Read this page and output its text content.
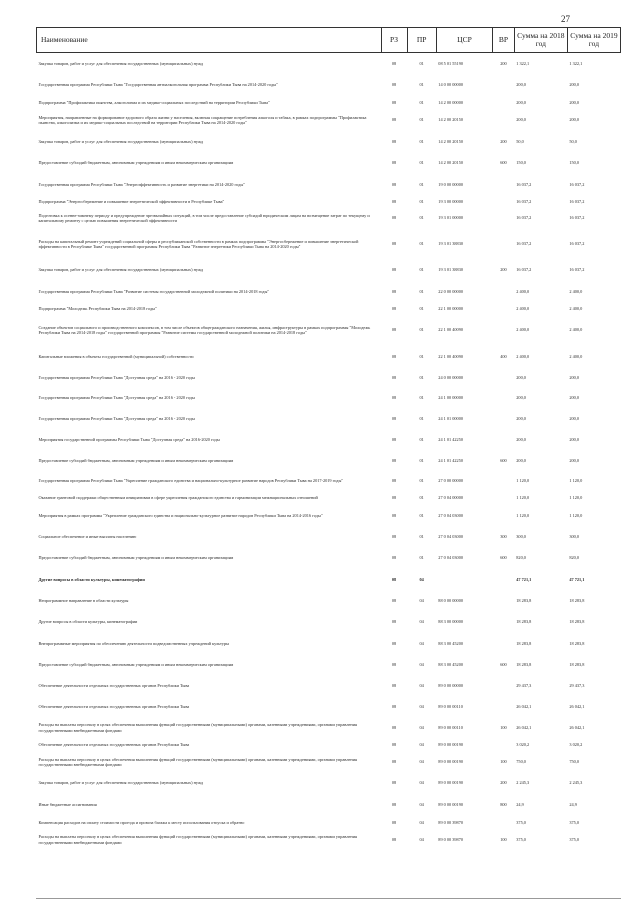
27
Наименование	РЗ	ПР	ЦСР	ВР	Сумма на 2018 год	Сумма на 2019 год
Закупка товаров, работ и услуг для обеспечения государственных (муниципальных) нужд	08	01	08 5 01 55190	200	1 322,1	1 322,1
Государственная программа Республики Тыва "Государственная антиалкогольная программа Республики Тыва на 2014-2020 годы"	08	01	14 0 00 00000		200,0	200,0
Подпрограмма "Профилактика пьянства, алкоголизма и их медико-социальных последствий на территории Республики Тыва"	08	01	14 2 00 00000		200,0	200,0
Мероприятия, направленные на формирование здорового образа жизни у населения, включая сокращение потребления алкоголя и табака, в рамках подпрограммы "Профилактика пьянства, алкоголизма и их медико-социальных последствий на территории Республики Тыва на 2014-2020 годы"	08	01	14 2 00 20150		200,0	200,0
Закупка товаров, работ и услуг для обеспечения государственных (муниципальных) нужд	08	01	14 2 00 20150	200	50,0	50,0
Предоставление субсидий бюджетным, автономным учреждениям и иным некоммерческим организациям	08	01	14 2 00 20150	600	150,0	150,0
Государственная программа Республики Тыва "Энергоэффективность и развитие энергетики на 2014-2020 годы"	08	01	19 0 00 00000		16 037,2	16 037,2
Подпрограмма "Энергосбережение и повышение энергетической эффективности в Республике Тыва"	08	01	19 3 00 00000		16 037,2	16 037,2
Подготовка к осенне-зимнему периоду и предупреждение чрезвычайных ситуаций, в том числе предоставление субсидий юридическим лицам на возмещение затрат по текущему и капитальному ремонту с целью повышения энергетической эффективности	08	01	19 3 01 00000		16 037,2	16 037,2
Расходы на капитальный ремонт учреждений социальной сферы и республиканской собственности в рамках подпрограммы "Энергосбережение и повышение энергетической эффективности в Республике Тыва" государственной программы Республики Тыва "Развитие энергетики Республики Тыва на 2014-2020 годы"	08	01	19 3 01 38830		16 037,2	16 037,2
Закупка товаров, работ и услуг для обеспечения государственных (муниципальных) нужд	08	01	19 3 01 38830	200	16 037,2	16 037,2
Государственная программа Республики Тыва "Развитие системы государственной молодежной политики на 2014-2018 годы"	08	01	22 0 00 00000		2 400,0	2 400,0
Подпрограмма "Молодежь Республики Тыва на 2014-2018 годы"	08	01	22 1 00 00000		2 400,0	2 400,0
Создание объектов социального и производственного комплексов, в том числе объектов общегражданского назначения, жилья, инфраструктуры в рамках подпрограммы "Молодежь Республики Тыва на 2014-2018 годы" государственной программы "Развитие системы государственной молодежной политики на 2014-2018 годы"	08	01	22 1 00 40090		2 400,0	2 400,0
Капитальные вложения в объекты государственной (муниципальной) собственности	08	01	22 1 00 40090	400	2 400,0	2 400,0
Государственная программа Республики Тыва "Доступная среда" на 2016 - 2020 годы	08	01	24 0 00 00000		200,0	200,0
Государственная программа Республики Тыва "Доступная среда" на 2016 - 2020 годы	08	01	24 1 00 00000		200,0	200,0
Государственная программа Республики Тыва "Доступная среда" на 2016 - 2020 годы	08	01	24 1 01 00000		200,0	200,0
Мероприятия государственной программы Республики Тыва "Доступная среда" на 2016-2020 годы	08	01	24 1 01 42250		200,0	200,0
Предоставление субсидий бюджетным, автономным учреждениям и иным некоммерческим организациям	08	01	24 1 01 42250	600	200,0	200,0
Государственная программа Республики Тыва "Укрепление гражданского единства и национально-культурное развитие народов Республики Тыва на 2017-2019 годы"	08	01	27 0 00 00000		1 120,0	1 120,0
Оказание грантовой поддержки общественным инициативам в сфере укрепления гражданского единства и гармонизации межнациональных отношений	08	01	27 0 04 00000		1 120,0	1 120,0
Мероприятия в рамках программы "Укрепление гражданского единства и национально-культурное развитие народов Республики Тыва на 2014-2016 годы"	08	01	27 0 04 03000		1 120,0	1 120,0
Социальное обеспечение и иные выплаты населению	08	01	27 0 04 03000	300	300,0	300,0
Предоставление субсидий бюджетным, автономным учреждениям и иным некоммерческим организациям	08	01	27 0 04 03000	600	820,0	820,0
Другие вопросы в области культуры, кинематографии	08	04			47 721,1	47 721,1
Непрограммное направление в области культуры	08	04	88 0 00 00000		18 283,8	18 283,8
Другие вопросы в области культуры, кинематографии	08	04	88 3 00 00000		18 283,8	18 283,8
Внепрограммные мероприятия по обеспечению деятельности подведомственных учреждений культуры	08	04	88 3 00 45200		18 283,8	18 283,8
Предоставление субсидий бюджетным, автономным учреждениям и иным некоммерческим организациям	08	04	88 3 00 45200	600	18 283,8	18 283,8
Обеспечение деятельности отдельных государственных органов Республики Тыва	08	04	89 0 00 00000		29 437,3	29 437,3
Обеспечение деятельности отдельных государственных органов Республики Тыва	08	04	89 0 00 00110		26 042,1	26 042,1
Расходы на выплаты персоналу в целях обеспечения выполнения функций государственными (муниципальными) органами, казенными учреждениями, органами управления государственными внебюджетными фондами	08	04	89 0 00 00110	100	26 042,1	26 042,1
Обеспечение деятельности отдельных государственных органов Республики Тыва	08	04	89 0 00 00190		3 020,2	3 020,2
Расходы на выплаты персоналу в целях обеспечения выполнения функций государственными (муниципальными) органами, казенными учреждениями, органами управления государственными внебюджетными фондами	08	04	89 0 00 00190	100	750,0	750,0
Закупка товаров, работ и услуг для обеспечения государственных (муниципальных) нужд	08	04	89 0 00 00190	200	2 245,3	2 245,3
Иные бюджетные ассигнования	08	04	89 0 00 00190	800	24,9	24,9
Компенсация расходов на оплату стоимости проезда и провоза багажа к месту использования отпуска и обратно	08	04	89 0 00 39870		375,0	375,0
Расходы на выплаты персоналу в целях обеспечения выполнения функций государственными (муниципальными) органами, казенными учреждениями, органами управления государственными внебюджетными фондами	08	04	89 0 00 39870	100	375,0	375,0
